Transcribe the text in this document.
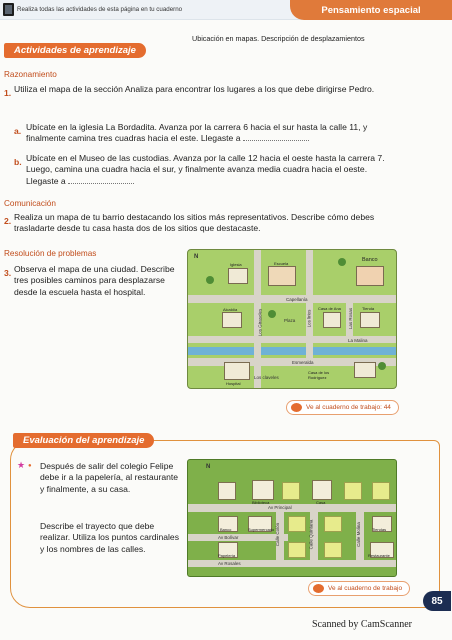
Realiza todas las actividades de esta página en tu cuaderno	Pensamiento espacial
Actividades de aprendizaje
Ubicación en mapas. Descripción de desplazamientos
Razonamiento
1. Utiliza el mapa de la sección Analiza para encontrar los lugares a los que debe dirigirse Pedro.
a. Ubícate en la iglesia La Bordadita. Avanza por la carrera 6 hacia el sur hasta la calle 11, y finalmente camina tres cuadras hacia el este. Llegaste a
b. Ubícate en el Museo de las custodias. Avanza por la calle 12 hacia el oeste hasta la carrera 7. Luego, camina una cuadra hacia el sur, y finalmente avanza media cuadra hacia el oeste. Llegaste a
Comunicación
2. Realiza un mapa de tu barrio destacando los sitios más representativos. Describe cómo debes trasladarte desde tu casa hasta dos de los sitios que destacaste.
Resolución de problemas
3. Observa el mapa de una ciudad. Describe tres posibles caminos para desplazarse desde la escuela hasta el hospital.
Capellanía
Plaza
La Malina
Esmeralda
Los Girasoles	Los lirios	Las Rosas
Los claveles
N
Iglesia	Escuela
Banco
Alcaldía	Casa de Ana	Tienda
Hospital
Casa de los Rodríguez
Ve al cuaderno de trabajo: 44
Evaluación del aprendizaje
★ ● Después de salir del colegio Felipe debe ir a la papelería, al restaurante y finalmente, a su casa.
Describe el trayecto que debe realizar. Utiliza los puntos cardinales y los nombres de las calles.
Av Principal
Av Bolívar
Av Rosales
Calle Colón	Calle Quintana	Calle Molina
N
Biblioteca	Casa
Banco	Supermercado	Tiendas
Papelería	Restaurante
Ve al cuaderno de trabajo
85
Scanned by CamScanner
